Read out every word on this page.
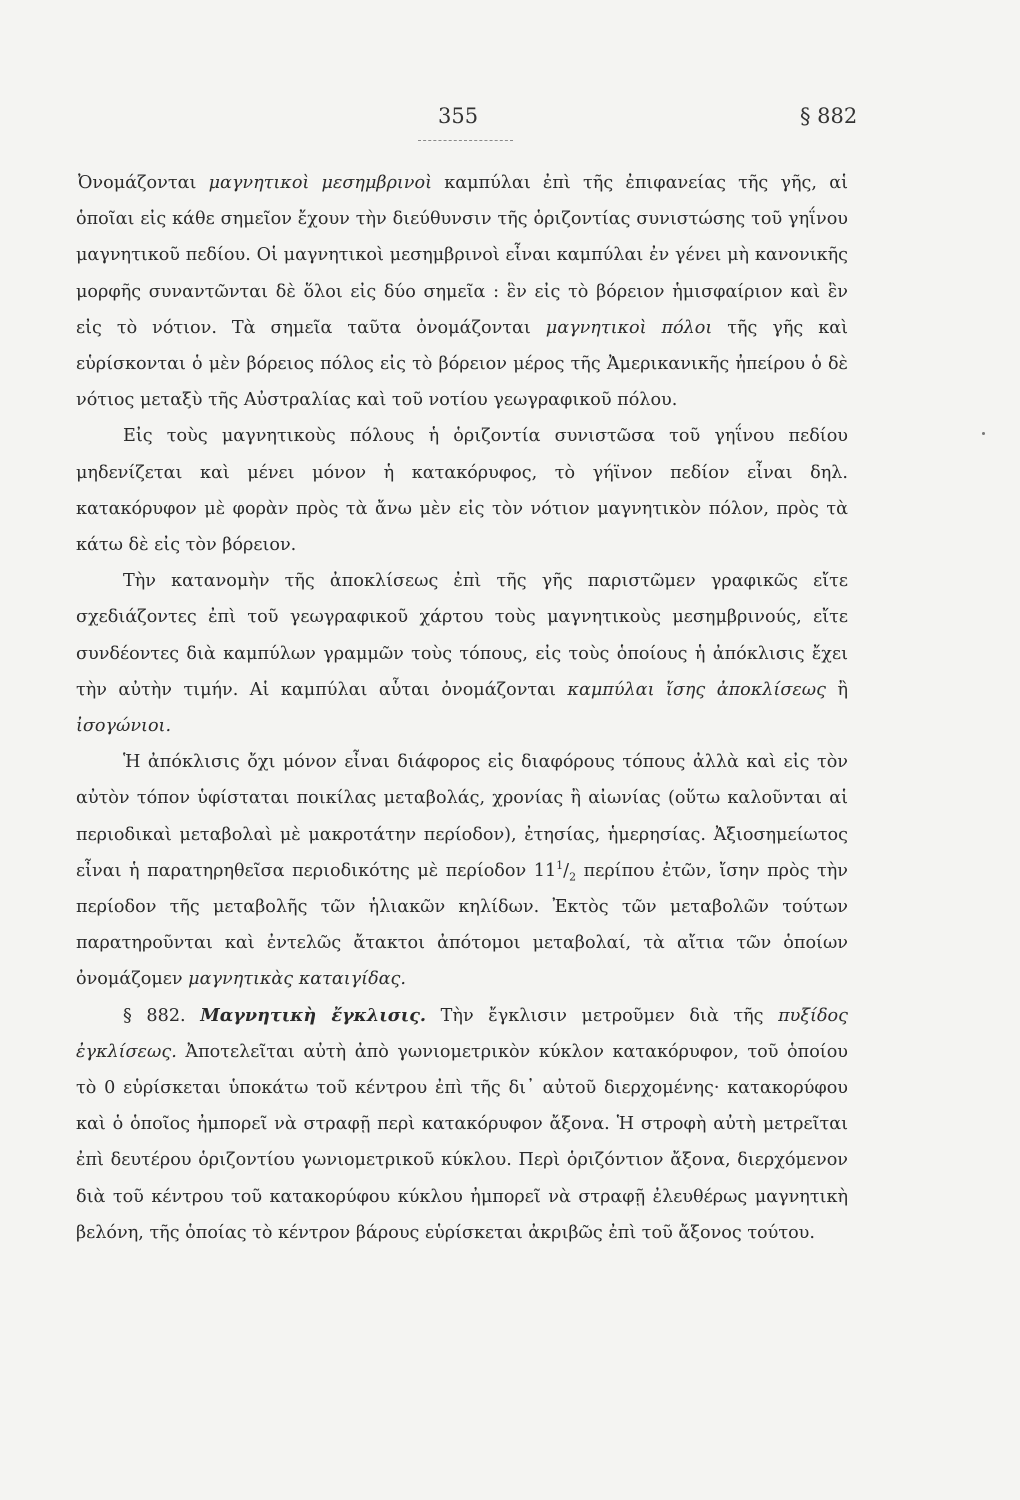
355	§ 882

Ὀνομάζονται μαγνητικοὶ μεσημβρινοὶ καμπύλαι ἐπὶ τῆς ἐπιφανείας τῆς γῆς, αἱ ὁποῖαι εἰς κάθε σημεῖον ἔχουν τὴν διεύθυνσιν τῆς ὁριζοντίας συνιστώσης τοῦ γηΐνου μαγνητικοῦ πεδίου. Οἱ μαγνητικοὶ μεσημβρινοὶ εἶναι καμπύλαι ἐν γένει μὴ κανονικῆς μορφῆς συναντῶνται δὲ ὅλοι εἰς δύο σημεῖα : ἓν εἰς τὸ βόρειον ἡμισφαίριον καὶ ἓν εἰς τὸ νότιον. Τὰ σημεῖα ταῦτα ὀνομάζονται μαγνητικοὶ πόλοι τῆς γῆς καὶ εὑρίσκονται ὁ μὲν βόρειος πόλος εἰς τὸ βόρειον μέρος τῆς Ἀμερικανικῆς ἠπείρου ὁ δὲ νότιος μεταξὺ τῆς Αὐστραλίας καὶ τοῦ νοτίου γεωγραφικοῦ πόλου.

Εἰς τοὺς μαγνητικοὺς πόλους ἡ ὁριζοντία συνιστῶσα τοῦ γηΐνου πεδίου μηδενίζεται καὶ μένει μόνον ἡ κατακόρυφος, τὸ γήϊνον πεδίον εἶναι δηλ. κατακόρυφον μὲ φορὰν πρὸς τὰ ἄνω μὲν εἰς τὸν νότιον μαγνητικὸν πόλον, πρὸς τὰ κάτω δὲ εἰς τὸν βόρειον.

Τὴν κατανομὴν τῆς ἀποκλίσεως ἐπὶ τῆς γῆς παριστῶμεν γραφικῶς εἴτε σχεδιάζοντες ἐπὶ τοῦ γεωγραφικοῦ χάρτου τοὺς μαγνητικοὺς μεσημβρινούς, εἴτε συνδέοντες διὰ καμπύλων γραμμῶν τοὺς τόπους, εἰς τοὺς ὁποίους ἡ ἀπόκλισις ἔχει τὴν αὐτὴν τιμήν. Αἱ καμπύλαι αὗται ὀνομάζονται καμπύλαι ἴσης ἀποκλίσεως ἢ ἰσογώνιοι.

Ἡ ἀπόκλισις ὄχι μόνον εἶναι διάφορος εἰς διαφόρους τόπους ἀλλὰ καὶ εἰς τὸν αὐτὸν τόπον ὑφίσταται ποικίλας μεταβολάς, χρονίας ἢ αἰωνίας (οὕτω καλοῦνται αἱ περιοδικαὶ μεταβολαὶ μὲ μακροτάτην περίοδον), ἐτησίας, ἡμερησίας. Ἀξιοσημείωτος εἶναι ἡ παρατηρηθεῖσα περιοδικότης μὲ περίοδον $11^1/_2$ περίπου ἐτῶν, ἴσην πρὸς τὴν περίοδον τῆς μεταβολῆς τῶν ἡλιακῶν κηλίδων. Ἐκτὸς τῶν μεταβολῶν τούτων παρατηροῦνται καὶ ἐντελῶς ἄτακτοι ἀπότομοι μεταβολαί, τὰ αἴτια τῶν ὁποίων ὀνομάζομεν μαγνητικὰς καταιγίδας.

§ 882. Μαγνητικὴ ἔγκλισις. Τὴν ἔγκλισιν μετροῦμεν διὰ τῆς πυξίδος ἐγκλίσεως. Ἀποτελεῖται αὐτὴ ἀπὸ γωνιομετρικὸν κύκλον κατακόρυφον, τοῦ ὁποίου τὸ 0 εὑρίσκεται ὑποκάτω τοῦ κέντρου ἐπὶ τῆς δι᾿ αὐτοῦ διερχομένης· κατακορύφου καὶ ὁ ὁποῖος ἠμπορεῖ νὰ στραφῇ περὶ κατακόρυφον ἄξονα. Ἡ στροφὴ αὐτὴ μετρεῖται ἐπὶ δευτέρου ὁριζοντίου γωνιομετρικοῦ κύκλου. Περὶ ὁριζόντιον ἄξονα, διερχόμενον διὰ τοῦ κέντρου τοῦ κατακορύφου κύκλου ἠμπορεῖ νὰ στραφῇ ἐλευθέρως μαγνητικὴ βελόνη, τῆς ὁποίας τὸ κέντρον βάρους εὑρίσκεται ἀκριβῶς ἐπὶ τοῦ ἄξονος τούτου.
